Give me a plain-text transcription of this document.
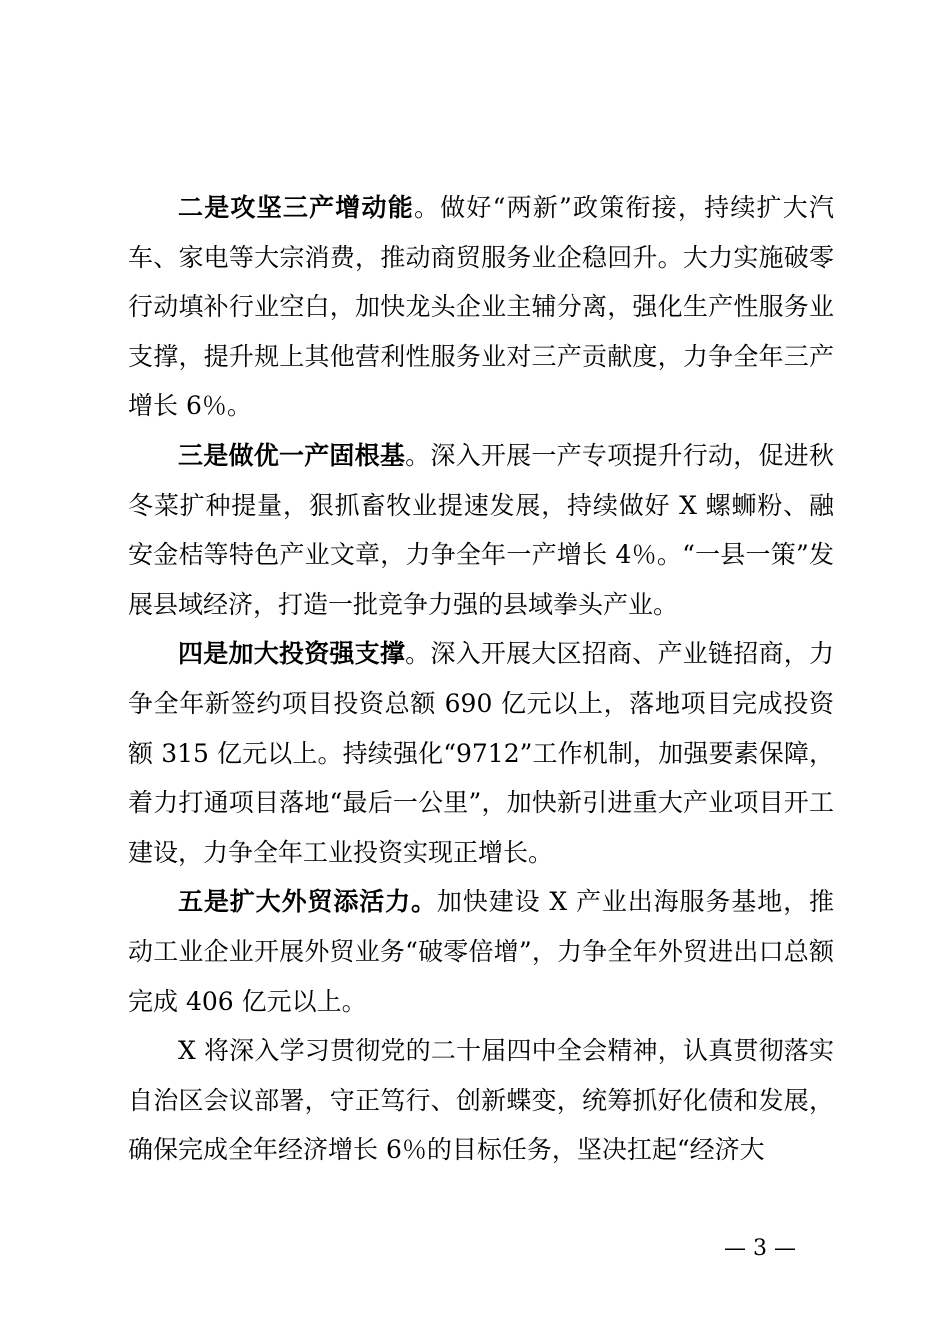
二是攻坚三产增动能。做好“两新”政策衔接，持续扩大汽车、家电等大宗消费，推动商贸服务业企稳回升。大力实施破零行动填补行业空白，加快龙头企业主辅分离，强化生产性服务业支撑，提升规上其他营利性服务业对三产贡献度，力争全年三产增长 6％。

三是做优一产固根基。深入开展一产专项提升行动，促进秋冬菜扩种提量，狠抓畜牧业提速发展，持续做好 X 螺蛳粉、融安金桔等特色产业文章，力争全年一产增长 4％。“一县一策”发展县域经济，打造一批竞争力强的县域拳头产业。

四是加大投资强支撑。深入开展大区招商、产业链招商，力争全年新签约项目投资总额 690 亿元以上，落地项目完成投资额 315 亿元以上。持续强化“9712”工作机制，加强要素保障，着力打通项目落地“最后一公里”，加快新引进重大产业项目开工建设，力争全年工业投资实现正增长。

五是扩大外贸添活力。加快建设 X 产业出海服务基地，推动工业企业开展外贸业务“破零倍增”，力争全年外贸进出口总额完成 406 亿元以上。

X 将深入学习贯彻党的二十届四中全会精神，认真贯彻落实自治区会议部署，守正笃行、创新蝶变，统筹抓好化债和发展，确保完成全年经济增长 6％的目标任务，坚决扛起“经济大

— 3 —
